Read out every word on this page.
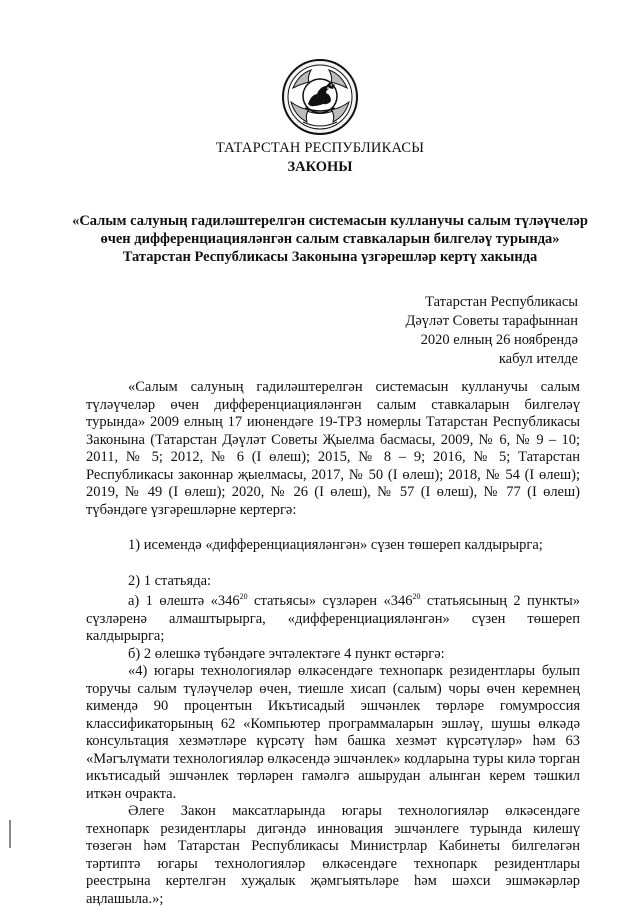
ТАТАРСТАН РЕСПУБЛИКАСЫ
ЗАКОНЫ
«Салым салуның гадиләштерелгән системасын кулланучы салым түләүчеләр
өчен дифференциацияләнгән салым ставкаларын билгеләү турында»
Татарстан Республикасы Законына үзгәрешләр кертү хакында
Татарстан Республикасы
Дәүләт Советы тарафыннан
2020 елның 26 ноябрендә
кабул ителде

«Салым салуның гадиләштерелгән системасын кулланучы салым түләүчеләр өчен дифференциацияләнгән салым ставкаларын билгеләү турында» 2009 елның 17 июнендәге 19-ТРЗ номерлы Татарстан Республикасы Законына (Татарстан Дәүләт Советы Җыелма басмасы, 2009, № 6, № 9 – 10; 2011, № 5; 2012, № 6 (I өлеш); 2015, № 8 – 9; 2016, № 5; Татарстан Республикасы законнар җыелмасы, 2017, № 50 (I өлеш); 2018, № 54 (I өлеш); 2019, № 49 (I өлеш); 2020, № 26 (I өлеш), № 57 (I өлеш), № 77 (I өлеш) түбәндәге үзгәрешләрне кертергә:

1) исемендә «дифференциацияләнгән» сүзен төшереп калдырырга;

2) 1 статьяда:

а) 1 өлештә «$346^{20}$ статьясы» сүзләрен «$346^{20}$ статьясының 2 пункты» сүзләренә алмаштырырга, «дифференциацияләнгән» сүзен төшереп калдырырга;

б) 2 өлешкә түбәндәге эчтәлектәге 4 пункт өстәргә:

«4) югары технологияләр өлкәсендәге технопарк резидентлары булып торучы салым түләүчеләр өчен, тиешле хисап (салым) чоры өчен керемнең кимендә 90 процентын Икътисадый эшчәнлек төрләре гомумроссия классификаторының 62 «Компьютер программаларын эшләү, шушы өлкәдә консультация хезмәтләре күрсәтү һәм башка хезмәт күрсәтүләр» һәм 63 «Мәгълүмати технологияләр өлкәсендә эшчәнлек» кодларына туры килә торган икътисадый эшчәнлек төрләрен гамәлгә ашырудан алынган керем тәшкил иткән очракта.

Әлеге Закон максатларында югары технологияләр өлкәсендәге технопарк резидентлары дигәндә инновация эшчәнлеге турында килешү төзегән һәм Татарстан Республикасы Министрлар Кабинеты билгеләгән тәртиптә югары технологияләр өлкәсендәге технопарк резидентлары реестрына кертелгән хуҗалык җәмгыятьләре һәм шәхси эшмәкәрләр аңлашыла.»;
